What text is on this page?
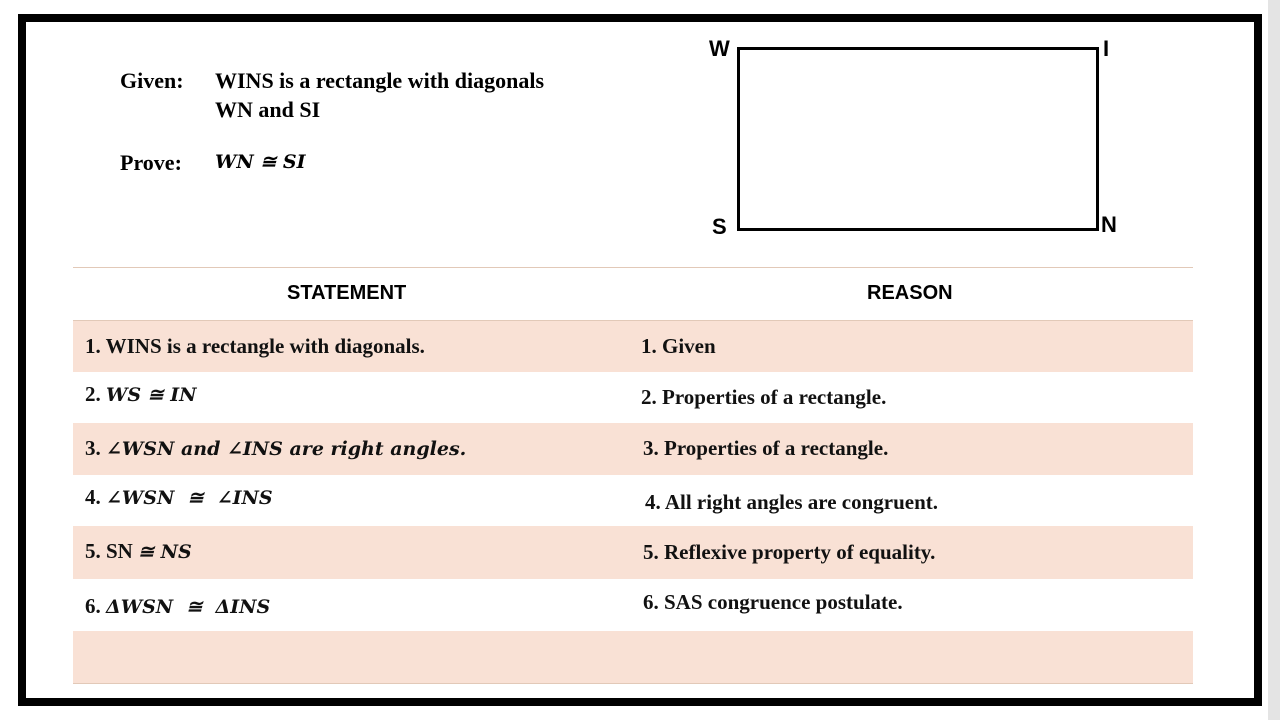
Given: WINS is a rectangle with diagonals
WN and SI
Prove: WN ≅ SI
W	I
S	N
STATEMENT	REASON
1. WINS is a rectangle with diagonals.	1. Given
2. WS ≅ IN	2. Properties of a rectangle.
3. ∠WSN and ∠INS are right angles.	3. Properties of a rectangle.
4. ∠WSN  ≅  ∠INS	4. All right angles are congruent.
5. SN ≅ NS	5. Reflexive property of equality.
6. ΔWSN  ≅  ΔINS	6. SAS congruence postulate.
